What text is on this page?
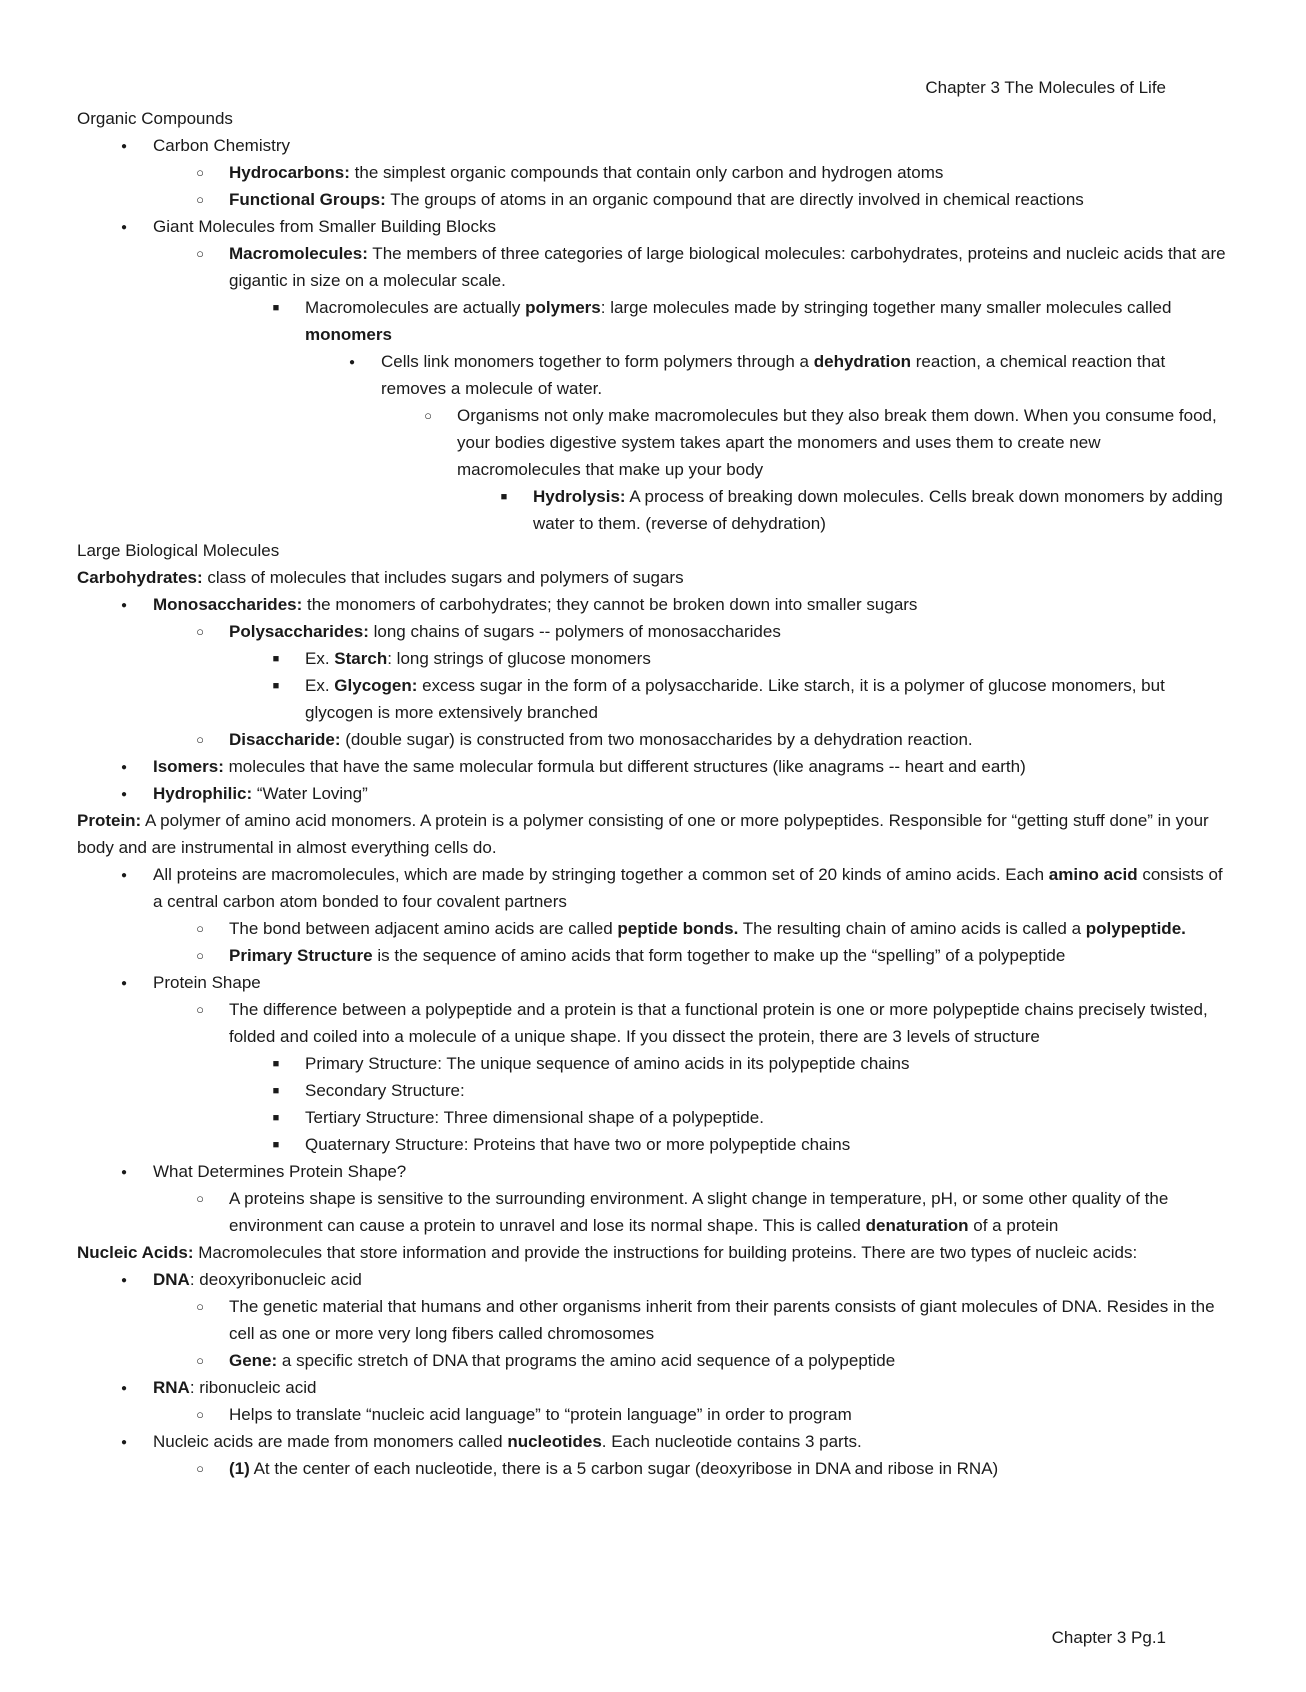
Chapter 3 The Molecules of Life

Organic Compounds

●
Carbon Chemistry

○
Hydrocarbons: the simplest organic compounds that contain only carbon and hydrogen atoms

○
Functional Groups: The groups of atoms in an organic compound that are directly involved in chemical reactions

●
Giant Molecules from Smaller Building Blocks

○
Macromolecules: The members of three categories of large biological molecules: carbohydrates, proteins and nucleic acids that are gigantic in size on a molecular scale.

■
Macromolecules are actually polymers: large molecules made by stringing together many smaller molecules called monomers

●
Cells link monomers together to form polymers through a dehydration reaction, a chemical reaction that removes a molecule of water.

○
Organisms not only make macromolecules but they also break them down. When you consume food, your bodies digestive system takes apart the monomers and uses them to create new macromolecules that make up your body

■
Hydrolysis: A process of breaking down molecules. Cells break down monomers by adding water to them. (reverse of dehydration)

Large Biological Molecules

Carbohydrates: class of molecules that includes sugars and polymers of sugars

●
Monosaccharides: the monomers of carbohydrates; they cannot be broken down into smaller sugars

○
Polysaccharides: long chains of sugars -- polymers of monosaccharides

■
Ex. Starch: long strings of glucose monomers

■
Ex. Glycogen: excess sugar in the form of a polysaccharide. Like starch, it is a polymer of glucose monomers, but glycogen is more extensively branched

○
Disaccharide: (double sugar) is constructed from two monosaccharides by a dehydration reaction.

●
Isomers: molecules that have the same molecular formula but different structures (like anagrams -- heart and earth)

●
Hydrophilic: “Water Loving”

Protein: A polymer of amino acid monomers. A protein is a polymer consisting of one or more polypeptides. Responsible for “getting stuff done” in your body and are instrumental in almost everything cells do.

●
All proteins are macromolecules, which are made by stringing together a common set of 20 kinds of amino acids. Each amino acid consists of a central carbon atom bonded to four covalent partners

○
The bond between adjacent amino acids are called peptide bonds. The resulting chain of amino acids is called a polypeptide.

○
Primary Structure is the sequence of amino acids that form together to make up the “spelling” of a polypeptide

●
Protein Shape

○
The difference between a polypeptide and a protein is that a functional protein is one or more polypeptide chains precisely twisted, folded and coiled into a molecule of a unique shape. If you dissect the protein, there are 3 levels of structure

■
Primary Structure: The unique sequence of amino acids in its polypeptide chains

■
Secondary Structure:

■
Tertiary Structure: Three dimensional shape of a polypeptide.

■
Quaternary Structure: Proteins that have two or more polypeptide chains

●
What Determines Protein Shape?

○
A proteins shape is sensitive to the surrounding environment. A slight change in temperature, pH, or some other quality of the environment can cause a protein to unravel and lose its normal shape. This is called denaturation of a protein

Nucleic Acids: Macromolecules that store information and provide the instructions for building proteins. There are two types of nucleic acids:

●
DNA: deoxyribonucleic acid

○
The genetic material that humans and other organisms inherit from their parents consists of giant molecules of DNA. Resides in the cell as one or more very long fibers called chromosomes

○
Gene: a specific stretch of DNA that programs the amino acid sequence of a polypeptide

●
RNA: ribonucleic acid

○
Helps to translate “nucleic acid language” to “protein language” in order to program

●
Nucleic acids are made from monomers called nucleotides. Each nucleotide contains 3 parts.

○
(1) At the center of each nucleotide, there is a 5 carbon sugar (deoxyribose in DNA and ribose in RNA)

Chapter 3 Pg.1
